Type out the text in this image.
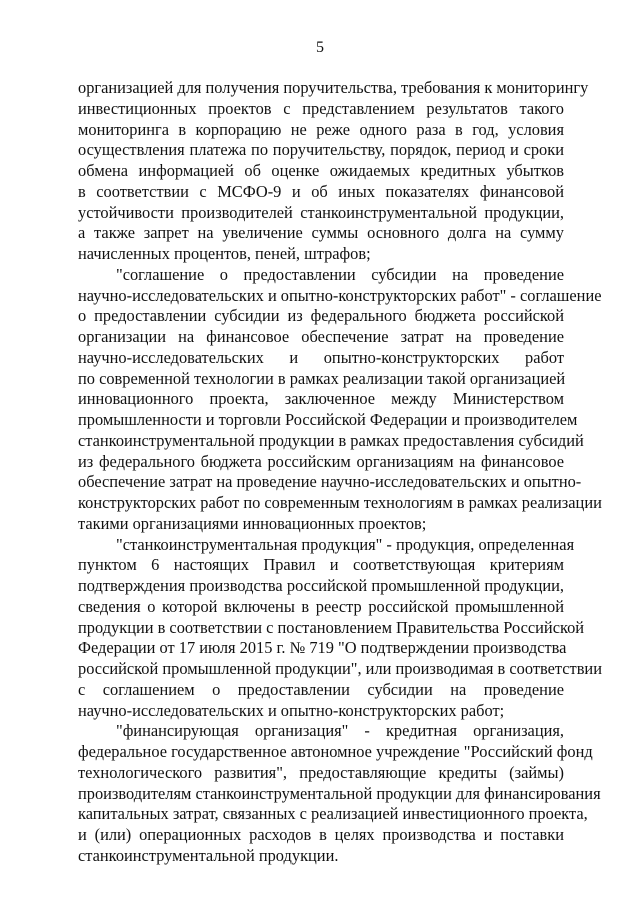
5
организацией для получения поручительства, требования к мониторингу
инвестиционных проектов с представлением результатов такого
мониторинга в корпорацию не реже одного раза в год, условия
осуществления платежа по поручительству, порядок, период и сроки
обмена информацией об оценке ожидаемых кредитных убытков
в соответствии с МСФО-9 и об иных показателях финансовой
устойчивости производителей станкоинструментальной продукции,
а также запрет на увеличение суммы основного долга на сумму
начисленных процентов, пеней, штрафов;
"соглашение о предоставлении субсидии на проведение
научно-исследовательских и опытно-конструкторских работ" - соглашение
о предоставлении субсидии из федерального бюджета российской
организации на финансовое обеспечение затрат на проведение
научно-исследовательских и опытно-конструкторских работ
по современной технологии в рамках реализации такой организацией
инновационного проекта, заключенное между Министерством
промышленности и торговли Российской Федерации и производителем
станкоинструментальной продукции в рамках предоставления субсидий
из федерального бюджета российским организациям на финансовое
обеспечение затрат на проведение научно-исследовательских и опытно-
конструкторских работ по современным технологиям в рамках реализации
такими организациями инновационных проектов;
"станкоинструментальная продукция" - продукция, определенная
пунктом 6 настоящих Правил и соответствующая критериям
подтверждения производства российской промышленной продукции,
сведения о которой включены в реестр российской промышленной
продукции в соответствии с постановлением Правительства Российской
Федерации от 17 июля 2015 г. № 719 "О подтверждении производства
российской промышленной продукции", или производимая в соответствии
с соглашением о предоставлении субсидии на проведение
научно-исследовательских и опытно-конструкторских работ;
"финансирующая организация" - кредитная организация,
федеральное государственное автономное учреждение "Российский фонд
технологического развития", предоставляющие кредиты (займы)
производителям станкоинструментальной продукции для финансирования
капитальных затрат, связанных с реализацией инвестиционного проекта,
и (или) операционных расходов в целях производства и поставки
станкоинструментальной продукции.
